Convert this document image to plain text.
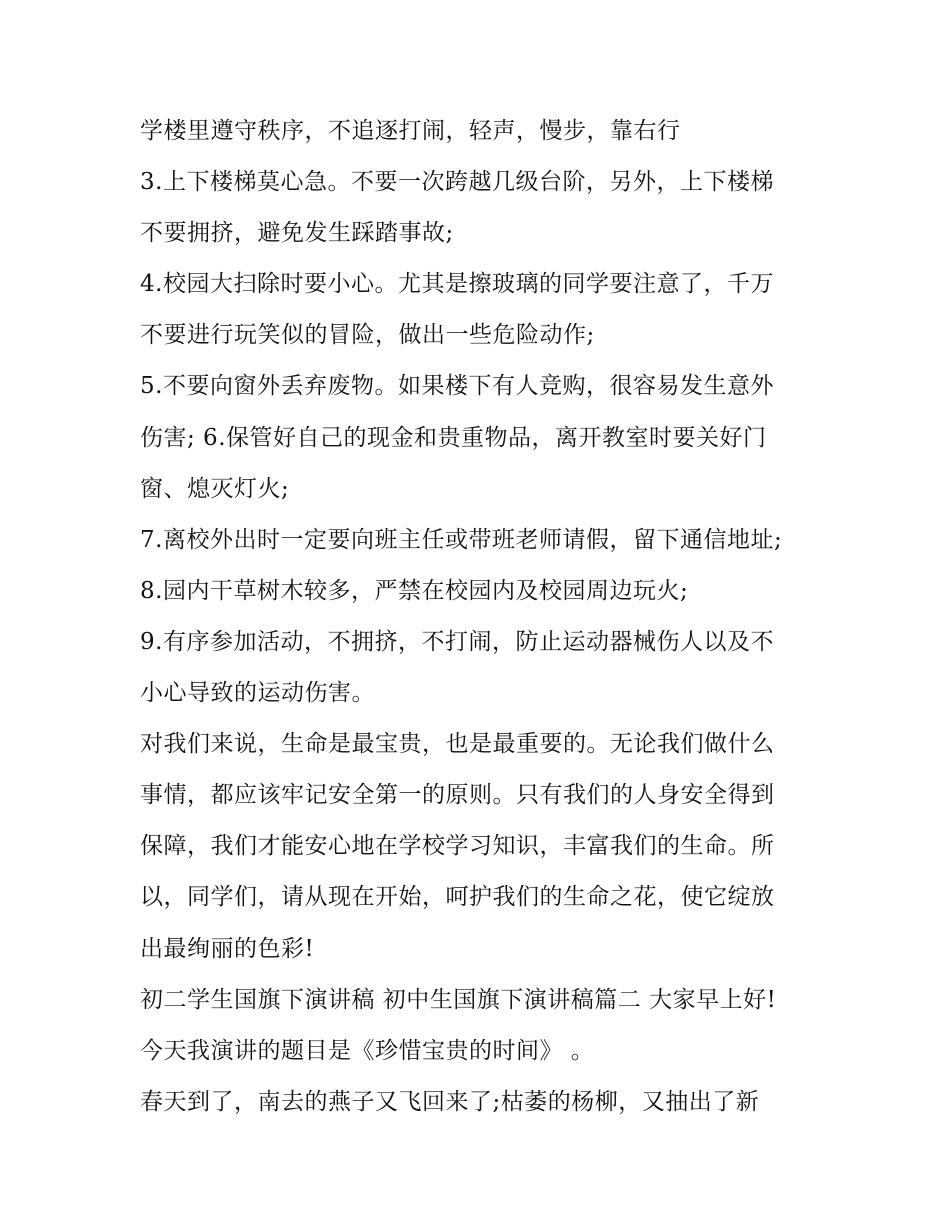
学楼里遵守秩序，不追逐打闹，轻声，慢步，靠右行
3.上下楼梯莫心急。不要一次跨越几级台阶，另外，上下楼梯
不要拥挤，避免发生踩踏事故;
4.校园大扫除时要小心。尤其是擦玻璃的同学要注意了，千万
不要进行玩笑似的冒险，做出一些危险动作;
5.不要向窗外丢弃废物。如果楼下有人竞购，很容易发生意外
伤害; 6.保管好自己的现金和贵重物品，离开教室时要关好门
窗、熄灭灯火;
7.离校外出时一定要向班主任或带班老师请假，留下通信地址;
8.园内干草树木较多，严禁在校园内及校园周边玩火;
9.有序参加活动，不拥挤，不打闹，防止运动器械伤人以及不
小心导致的运动伤害。
对我们来说，生命是最宝贵，也是最重要的。无论我们做什么
事情，都应该牢记安全第一的原则。只有我们的人身安全得到
保障，我们才能安心地在学校学习知识，丰富我们的生命。所
以，同学们，请从现在开始，呵护我们的生命之花，使它绽放
出最绚丽的色彩!
初二学生国旗下演讲稿 初中生国旗下演讲稿篇二 大家早上好!
今天我演讲的题目是《珍惜宝贵的时间》 。
春天到了，南去的燕子又飞回来了;枯萎的杨柳，又抽出了新
